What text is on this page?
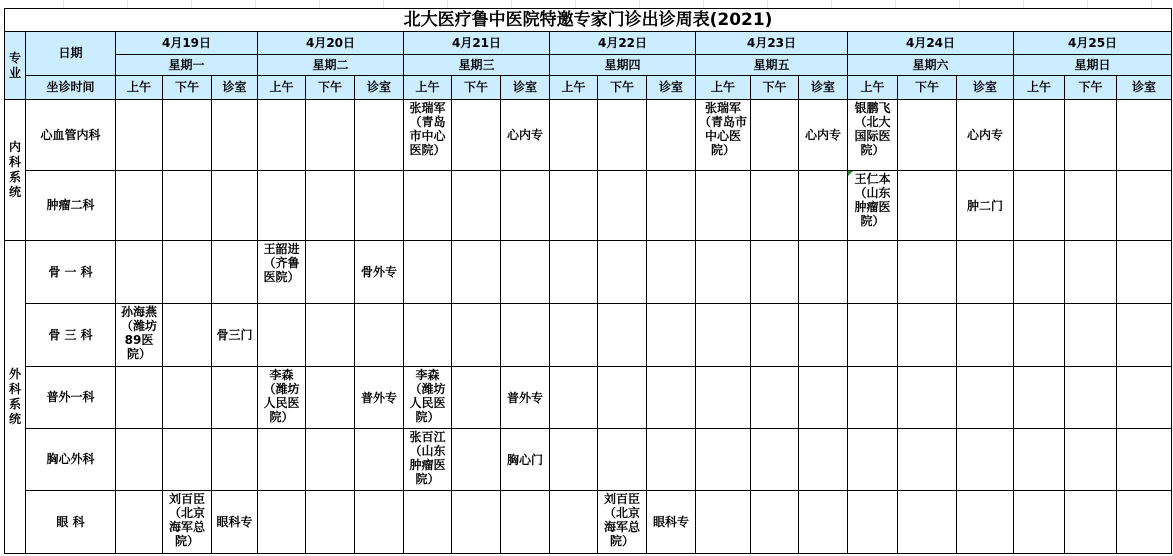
北大医疗鲁中医院特邀专家门诊出诊周表(2021)																						
专业	日期	4月19日			4月20日			4月21日			4月22日			4月23日			4月24日			4月25日		
		星期一			星期二			星期三			星期四			星期五			星期六			星期日		
	坐诊时间	上午	下午	诊室	上午	下午	诊室	上午	下午	诊室	上午	下午	诊室	上午	下午	诊室	上午	下午	诊室	上午	下午	诊室
内科系统	心血管内科							张瑞军（青岛市中心医院）		心内专				张瑞军（青岛市中心医院）		心内专	银鹏飞（北大国际医院）		心内专			
	肿瘤二科																王仁本（山东肿瘤医院）		肿二门			
外科系统	骨 一 科				王韶进（齐鲁医院）		骨外专															
	骨 三 科	孙海燕（潍坊89医院）		骨三门																		
	普外一科				李森（潍坊人民医院）		普外专	李森（潍坊人民医院）		普外专												
	胸心外科							张百江（山东肿瘤医院）		胸心门												
	眼 科		刘百臣（北京海军总院）	眼科专								刘百臣（北京海军总院）	眼科专									
